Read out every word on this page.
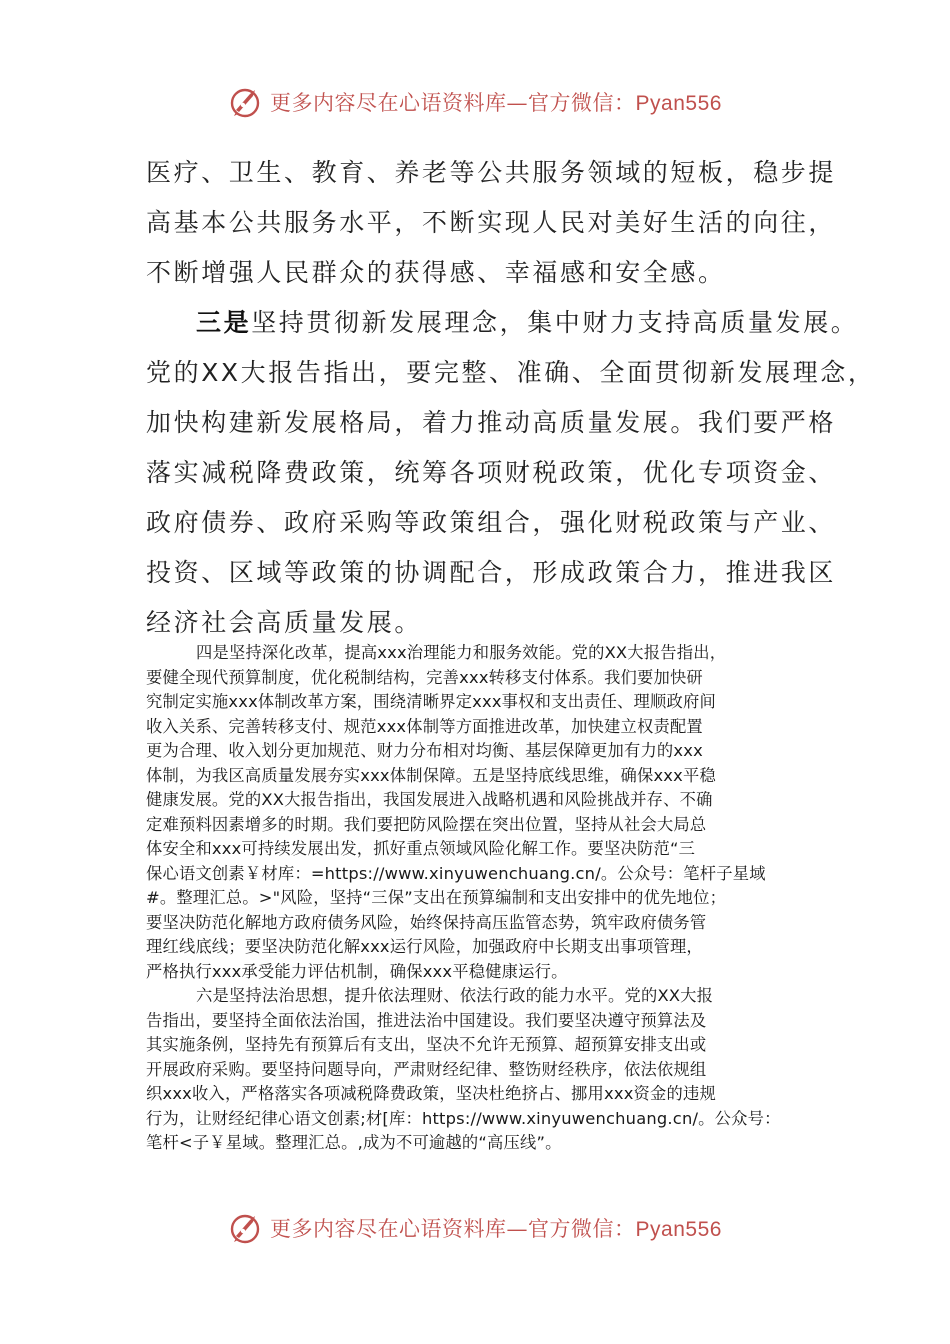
更多内容尽在心语资料库—官方微信：Pyan556
医疗、卫生、教育、养老等公共服务领域的短板，稳步提
高基本公共服务水平，不断实现人民对美好生活的向往，
不断增强人民群众的获得感、幸福感和安全感。
三是坚持贯彻新发展理念，集中财力支持高质量发展。
党的XX大报告指出，要完整、准确、全面贯彻新发展理念，
加快构建新发展格局，着力推动高质量发展。我们要严格
落实减税降费政策，统筹各项财税政策，优化专项资金、
政府债券、政府采购等政策组合，强化财税政策与产业、
投资、区域等政策的协调配合，形成政策合力，推进我区
经济社会高质量发展。
四是坚持深化改革，提高xxx治理能力和服务效能。党的XX大报告指出，
要健全现代预算制度，优化税制结构，完善xxx转移支付体系。我们要加快研
究制定实施xxx体制改革方案，围绕清晰界定xxx事权和支出责任、理顺政府间
收入关系、完善转移支付、规范xxx体制等方面推进改革，加快建立权责配置
更为合理、收入划分更加规范、财力分布相对均衡、基层保障更加有力的xxx
体制，为我区高质量发展夯实xxx体制保障。五是坚持底线思维，确保xxx平稳
健康发展。党的XX大报告指出，我国发展进入战略机遇和风险挑战并存、不确
定难预料因素增多的时期。我们要把防风险摆在突出位置，坚持从社会大局总
体安全和xxx可持续发展出发，抓好重点领域风险化解工作。要坚决防范“三
保心语文创素￥材库：=https://www.xinyuwenchuang.cn/。公众号：笔杆子星域
#。整理汇总。>"风险，坚持“三保”支出在预算编制和支出安排中的优先地位；
要坚决防范化解地方政府债务风险，始终保持高压监管态势，筑牢政府债务管
理红线底线；要坚决防范化解xxx运行风险，加强政府中长期支出事项管理，
严格执行xxx承受能力评估机制，确保xxx平稳健康运行。
六是坚持法治思想，提升依法理财、依法行政的能力水平。党的XX大报
告指出，要坚持全面依法治国，推进法治中国建设。我们要坚决遵守预算法及
其实施条例，坚持先有预算后有支出，坚决不允许无预算、超预算安排支出或
开展政府采购。要坚持问题导向，严肃财经纪律、整饬财经秩序，依法依规组
织xxx收入，严格落实各项减税降费政策，坚决杜绝挤占、挪用xxx资金的违规
行为，让财经纪律心语文创素;材[库：https://www.xinyuwenchuang.cn/。公众号：
笔杆<子￥星域。整理汇总。,成为不可逾越的“高压线”。
更多内容尽在心语资料库—官方微信：Pyan556
